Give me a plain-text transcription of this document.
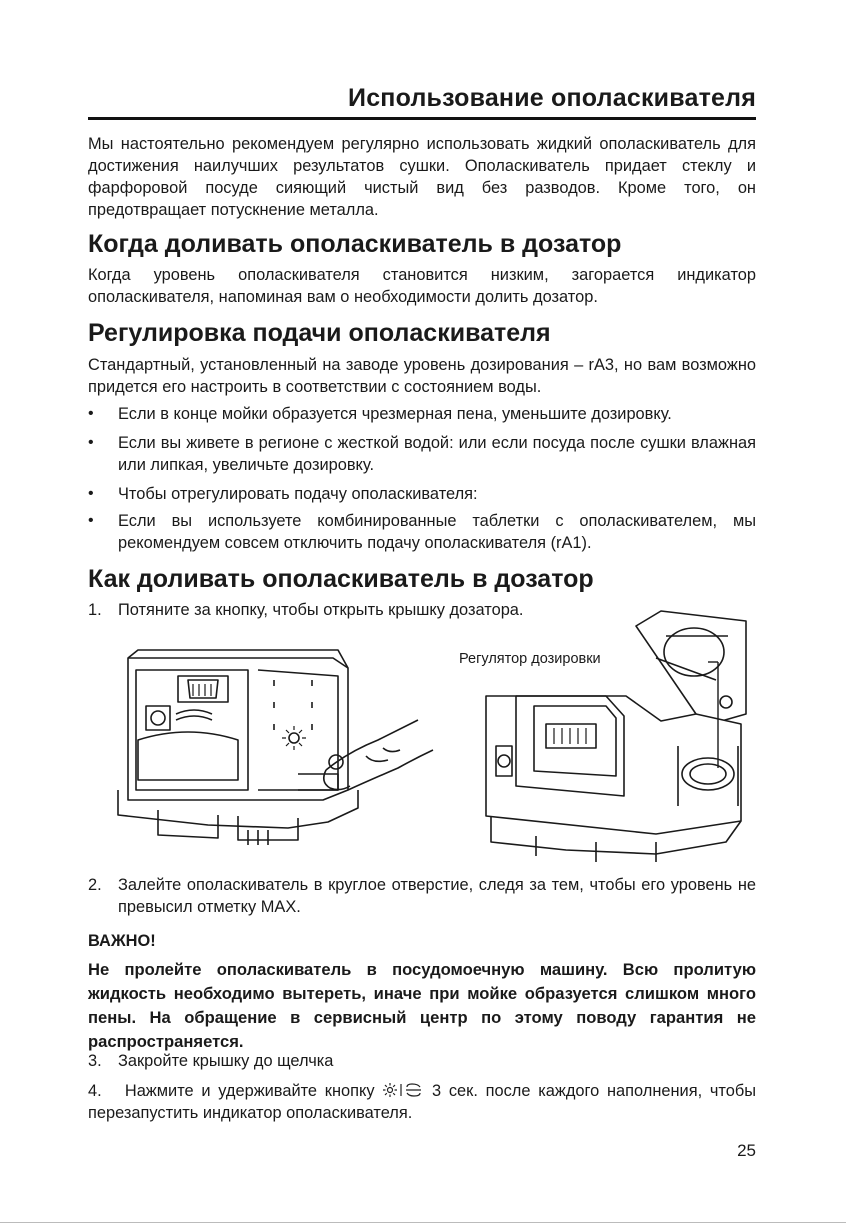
Использование ополаскивателя

Мы настоятельно рекомендуем регулярно использовать жидкий ополаскиватель для достижения наилучших результатов сушки. Ополаскиватель придает стеклу и фарфоровой посуде сияющий чистый вид без разводов. Кроме того, он предотвращает потускнение металла.

Когда доливать ополаскиватель в дозатор

Когда уровень ополаскивателя становится низким, загорается индикатор ополаскивателя, напоминая вам о необходимости долить дозатор.

Регулировка подачи ополаскивателя

Стандартный, установленный на заводе уровень дозирования – rA3, но вам возможно придется его настроить в соответствии с состоянием воды.

•	Если в конце мойки образуется чрезмерная пена, уменьшите дозировку.

•	Если вы живете в регионе с жесткой водой: или если посуда после сушки влажная или липкая, увеличьте дозировку.

•	Чтобы отрегулировать подачу ополаскивателя:

•	Если вы используете комбинированные таблетки с ополаскивателем, мы рекомендуем совсем отключить подачу ополаскивателя (rA1).

Как доливать ополаскиватель в дозатор
1. Потяните за кнопку, чтобы открыть крышку дозатора.

Регулятор дозировки
2. Залейте ополаскиватель в круглое отверстие, следя за тем, чтобы его уровень не превысил отметку MAX.

ВАЖНО!

Не пролейте ополаскиватель в посудомоечную машину. Всю пролитую жидкость необходимо вытереть, иначе при мойке образуется слишком много пены. На обращение в сервисный центр по этому поводу гарантия не распространяется.

3. Закройте крышку до щелчка

4. Нажмите и удерживайте кнопку	3 сек. после каждого наполнения, чтобы перезапустить индикатор ополаскивателя.

25
